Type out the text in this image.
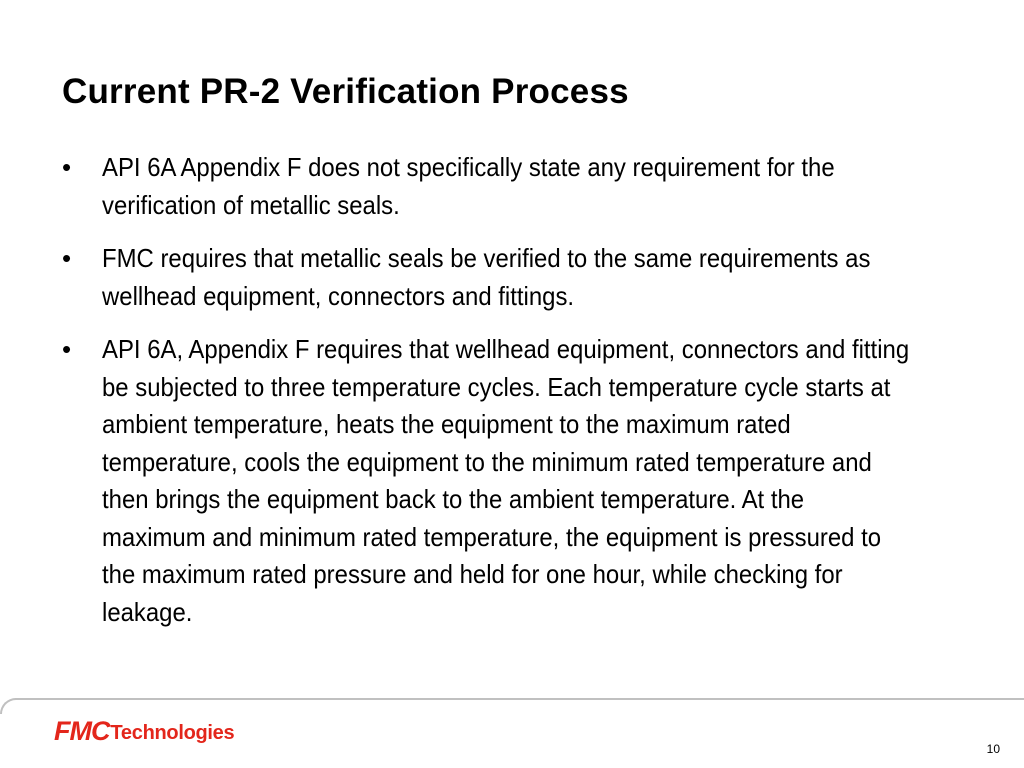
Current PR-2 Verification Process
•	API 6A Appendix F does not specifically state any requirement for the verification of metallic seals.
•	FMC requires that metallic seals be verified to the same requirements as wellhead equipment, connectors and fittings.
•	API 6A, Appendix F requires that wellhead equipment, connectors and fitting be subjected to three temperature cycles. Each temperature cycle starts at ambient temperature, heats the equipment to the maximum rated temperature, cools the equipment to the minimum rated temperature and then brings the equipment back to the ambient temperature. At the maximum and minimum rated temperature, the equipment is pressured to the maximum rated pressure and held for one hour, while checking for leakage.
FMC Technologies
10
